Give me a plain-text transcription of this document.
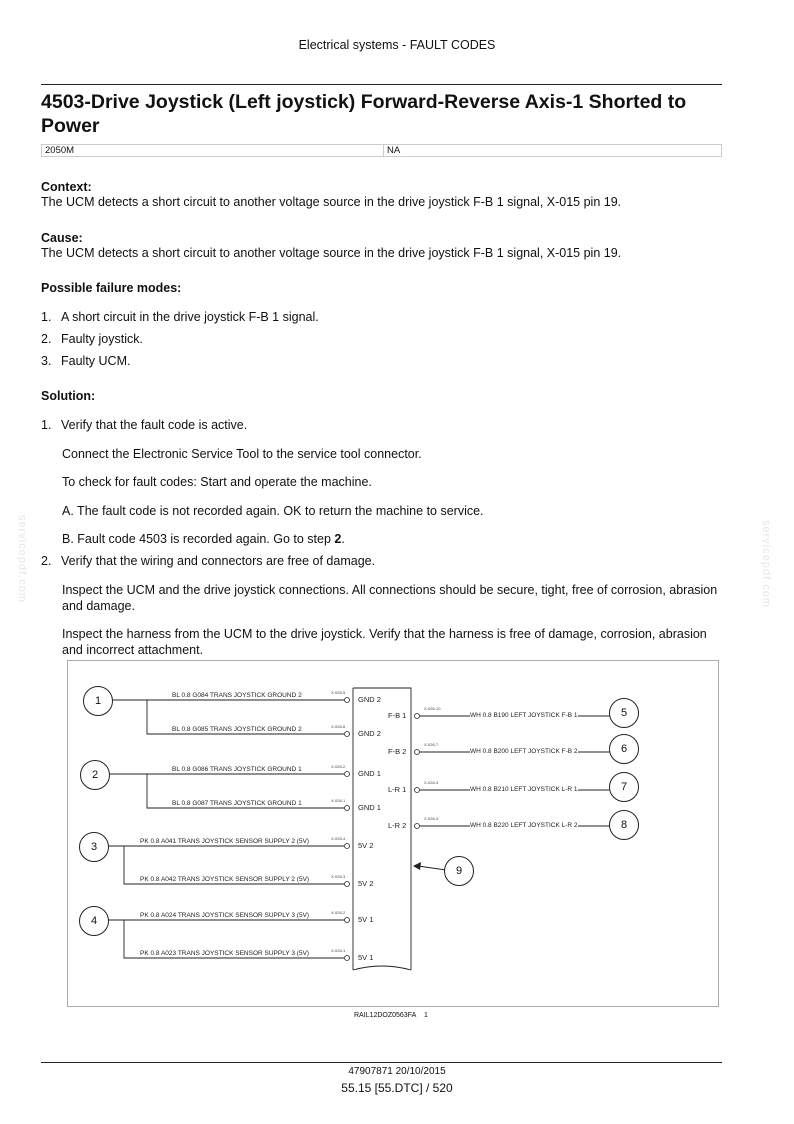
Electrical systems - FAULT CODES
4503-Drive Joystick (Left joystick) Forward-Reverse Axis-1 Shorted to Power
2050M	NA
Context:
The UCM detects a short circuit to another voltage source in the drive joystick F-B 1 signal, X-015 pin 19.
Cause:
The UCM detects a short circuit to another voltage source in the drive joystick F-B 1 signal, X-015 pin 19.
Possible failure modes:
1. A short circuit in the drive joystick F-B 1 signal.
2. Faulty joystick.
3. Faulty UCM.
Solution:
1. Verify that the fault code is active.
Connect the Electronic Service Tool to the service tool connector.
To check for fault codes: Start and operate the machine.
A. The fault code is not recorded again. OK to return the machine to service.
B. Fault code 4503 is recorded again. Go to step 2.
2. Verify that the wiring and connectors are free of damage.
Inspect the UCM and the drive joystick connections. All connections should be secure, tight, free of corrosion, abrasion and damage.
Inspect the harness from the UCM to the drive joystick. Verify that the harness is free of damage, corrosion, abrasion and incorrect attachment.
servicepdf.com	servicepdf.com
BL 0.8 G084 TRANS JOYSTICK GROUND 2
BL 0.8 G085 TRANS JOYSTICK GROUND 2
BL 0.8 G086 TRANS JOYSTICK GROUND 1
BL 0.8 G087 TRANS JOYSTICK GROUND 1
PK 0.8 A041 TRANS JOYSTICK SENSOR SUPPLY 2 (5V)
PK 0.8 A042 TRANS JOYSTICK SENSOR SUPPLY 2 (5V)
PK 0.8 A024 TRANS JOYSTICK SENSOR SUPPLY 3 (5V)
PK 0.8 A023 TRANS JOYSTICK SENSOR SUPPLY 3 (5V)
X-026-5
X-026-6
X-026-2
X-026-1
X-026-4
X-026-3
X-026-2
X-026-1
GND 2
GND 2
GND 1
GND 1
5V 2
5V 2
5V 1
5V 1
F-B 1
F-B 2
L-R 1
L-R 2
X-026-10
X-026-7
X-026-3
X-026-4
WH 0.8 B190 LEFT JOYSTICK F-B 1
WH 0.8 B200 LEFT JOYSTICK F-B 2
WH 0.8 B210 LEFT JOYSTICK L-R 1
WH 0.8 B220 LEFT JOYSTICK L-R 2
1
2
3
4
5
6
7
8
9
RAIL12DOZ0563FA 1
47907871 20/10/2015
55.15 [55.DTC] / 520
